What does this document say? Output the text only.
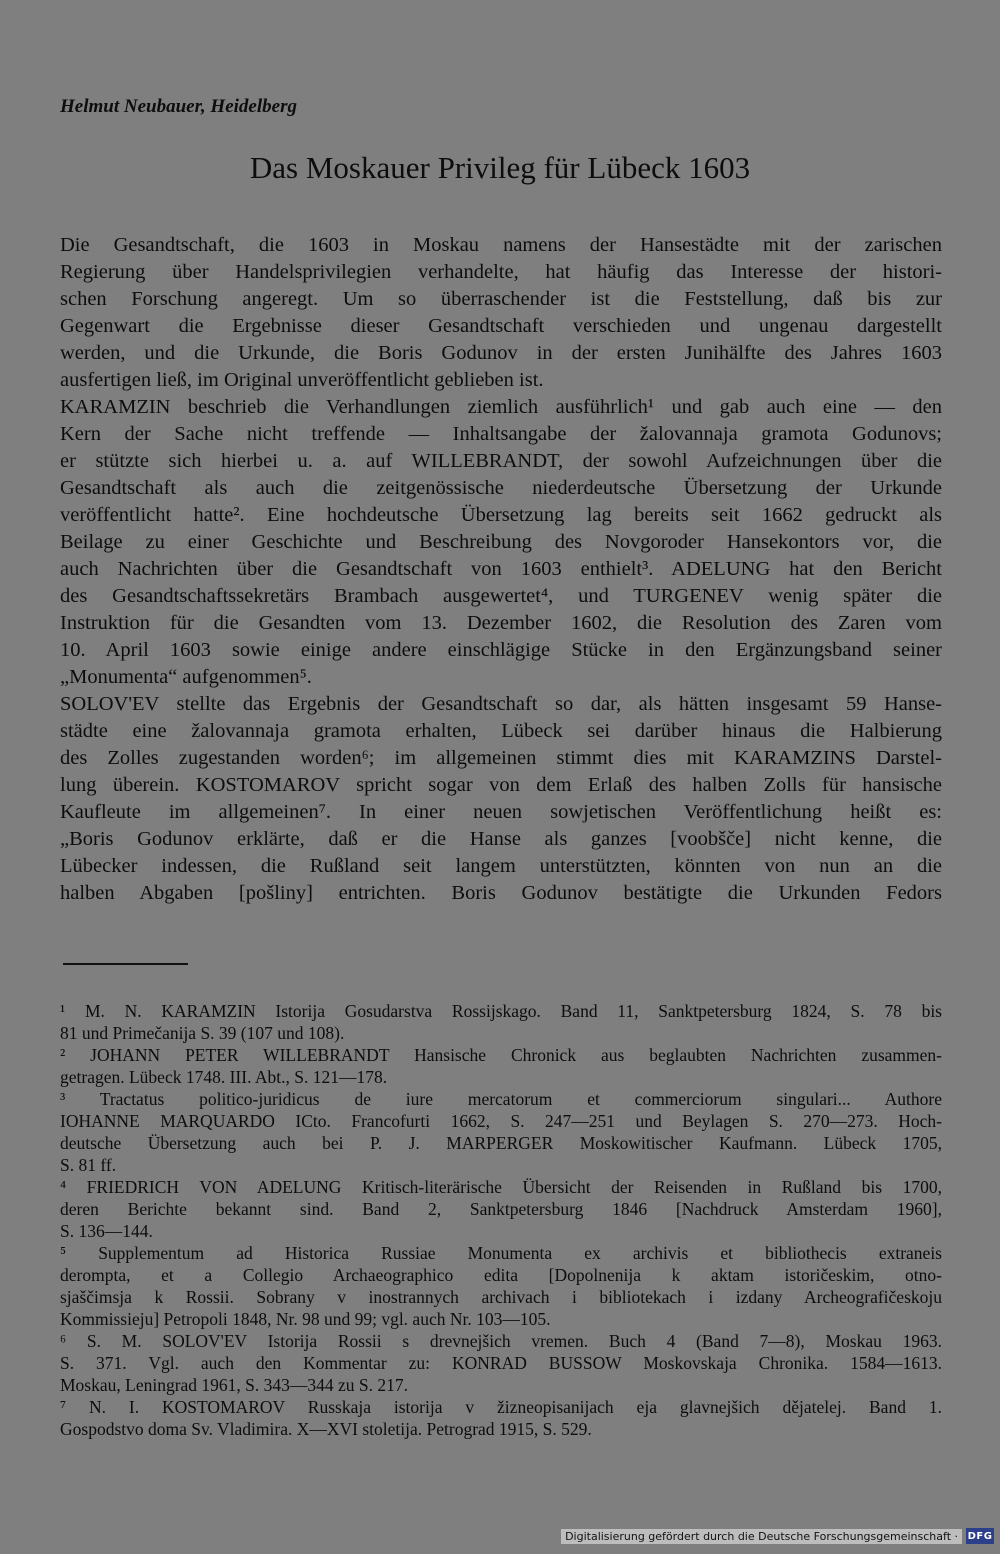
Helmut Neubauer, Heidelberg
Das Moskauer Privileg für Lübeck 1603
Die Gesandtschaft, die 1603 in Moskau namens der Hansestädte mit der zarischen
Regierung über Handelsprivilegien verhandelte, hat häufig das Interesse der histori-
schen Forschung angeregt. Um so überraschender ist die Feststellung, daß bis zur
Gegenwart die Ergebnisse dieser Gesandtschaft verschieden und ungenau dargestellt
werden, und die Urkunde, die Boris Godunov in der ersten Junihälfte des Jahres 1603
ausfertigen ließ, im Original unveröffentlicht geblieben ist.
KARAMZIN beschrieb die Verhandlungen ziemlich ausführlich¹ und gab auch eine — den
Kern der Sache nicht treffende — Inhaltsangabe der žalovannaja gramota Godunovs;
er stützte sich hierbei u. a. auf WILLEBRANDT, der sowohl Aufzeichnungen über die
Gesandtschaft als auch die zeitgenössische niederdeutsche Übersetzung der Urkunde
veröffentlicht hatte². Eine hochdeutsche Übersetzung lag bereits seit 1662 gedruckt als
Beilage zu einer Geschichte und Beschreibung des Novgoroder Hansekontors vor, die
auch Nachrichten über die Gesandtschaft von 1603 enthielt³. ADELUNG hat den Bericht
des Gesandtschaftssekretärs Brambach ausgewertet⁴, und TURGENEV wenig später die
Instruktion für die Gesandten vom 13. Dezember 1602, die Resolution des Zaren vom
10. April 1603 sowie einige andere einschlägige Stücke in den Ergänzungsband seiner
„Monumenta“ aufgenommen⁵.
SOLOV'EV stellte das Ergebnis der Gesandtschaft so dar, als hätten insgesamt 59 Hanse-
städte eine žalovannaja gramota erhalten, Lübeck sei darüber hinaus die Halbierung
des Zolles zugestanden worden⁶; im allgemeinen stimmt dies mit KARAMZINS Darstel-
lung überein. KOSTOMAROV spricht sogar von dem Erlaß des halben Zolls für hansische
Kaufleute im allgemeinen⁷. In einer neuen sowjetischen Veröffentlichung heißt es:
„Boris Godunov erklärte, daß er die Hanse als ganzes [voobšče] nicht kenne, die
Lübecker indessen, die Rußland seit langem unterstützten, könnten von nun an die
halben Abgaben [pošliny] entrichten. Boris Godunov bestätigte die Urkunden Fedors
¹ M. N. KARAMZIN Istorija Gosudarstva Rossijskago. Band 11, Sanktpetersburg 1824, S. 78 bis
81 und Primečanija S. 39 (107 und 108).
² JOHANN PETER WILLEBRANDT Hansische Chronick aus beglaubten Nachrichten zusammen-
getragen. Lübeck 1748. III. Abt., S. 121—178.
³ Tractatus politico-juridicus de iure mercatorum et commerciorum singulari... Authore
IOHANNE MARQUARDO ICto. Francofurti 1662, S. 247—251 und Beylagen S. 270—273. Hoch-
deutsche Übersetzung auch bei P. J. MARPERGER Moskowitischer Kaufmann. Lübeck 1705,
S. 81 ff.
⁴ FRIEDRICH VON ADELUNG Kritisch-literärische Übersicht der Reisenden in Rußland bis 1700,
deren Berichte bekannt sind. Band 2, Sanktpetersburg 1846 [Nachdruck Amsterdam 1960],
S. 136—144.
⁵ Supplementum ad Historica Russiae Monumenta ex archivis et bibliothecis extraneis
derompta, et a Collegio Archaeographico edita [Dopolnenija k aktam istoričeskim, otno-
sjaščimsja k Rossii. Sobrany v inostrannych archivach i bibliotekach i izdany Archeografičeskoju
Kommissieju] Petropoli 1848, Nr. 98 und 99; vgl. auch Nr. 103—105.
⁶ S. M. SOLOV'EV Istorija Rossii s drevnejšich vremen. Buch 4 (Band 7—8), Moskau 1963.
S. 371. Vgl. auch den Kommentar zu: KONRAD BUSSOW Moskovskaja Chronika. 1584—1613.
Moskau, Leningrad 1961, S. 343—344 zu S. 217.
⁷ N. I. KOSTOMAROV Russkaja istorija v žizneopisanijach eja glavnejšich dějatelej. Band 1.
Gospodstvo doma Sv. Vladimira. X—XVI stoletija. Petrograd 1915, S. 529.
Digitalisierung gefördert durch die Deutsche Forschungsgemeinschaft · DFG
